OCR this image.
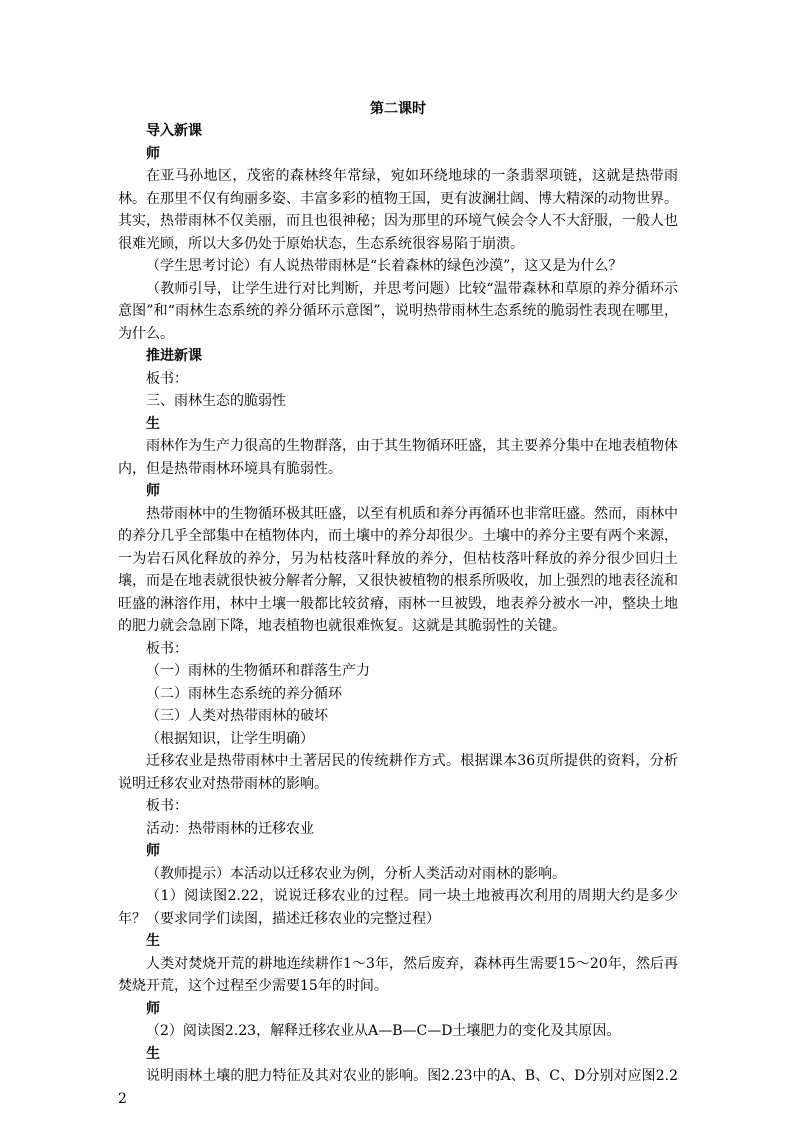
第二课时

导入新课

师

在亚马孙地区，茂密的森林终年常绿，宛如环绕地球的一条翡翠项链，这就是热带雨林。在那里不仅有绚丽多姿、丰富多彩的植物王国，更有波澜壮阔、博大精深的动物世界。其实，热带雨林不仅美丽，而且也很神秘；因为那里的环境气候会令人不大舒服，一般人也很难光顾，所以大多仍处于原始状态，生态系统很容易陷于崩溃。

（学生思考讨论）有人说热带雨林是“长着森林的绿色沙漠”，这又是为什么？

（教师引导，让学生进行对比判断，并思考问题）比较“温带森林和草原的养分循环示意图”和“雨林生态系统的养分循环示意图”，说明热带雨林生态系统的脆弱性表现在哪里，为什么。

推进新课

板书：

三、雨林生态的脆弱性

生

雨林作为生产力很高的生物群落，由于其生物循环旺盛，其主要养分集中在地表植物体内，但是热带雨林环境具有脆弱性。

师

热带雨林中的生物循环极其旺盛，以至有机质和养分再循环也非常旺盛。然而，雨林中的养分几乎全部集中在植物体内，而土壤中的养分却很少。土壤中的养分主要有两个来源，一为岩石风化释放的养分，另为枯枝落叶释放的养分，但枯枝落叶释放的养分很少回归土壤，而是在地表就很快被分解者分解，又很快被植物的根系所吸收，加上强烈的地表径流和旺盛的淋溶作用，林中土壤一般都比较贫瘠，雨林一旦被毁，地表养分被水一冲，整块土地的肥力就会急剧下降，地表植物也就很难恢复。这就是其脆弱性的关键。

板书：

（一）雨林的生物循环和群落生产力

（二）雨林生态系统的养分循环

（三）人类对热带雨林的破坏

（根据知识，让学生明确）

迁移农业是热带雨林中土著居民的传统耕作方式。根据课本36页所提供的资料，分析说明迁移农业对热带雨林的影响。

板书：

活动：热带雨林的迁移农业

师

（教师提示）本活动以迁移农业为例，分析人类活动对雨林的影响。

（1）阅读图2.22，说说迁移农业的过程。同一块土地被再次利用的周期大约是多少年？（要求同学们读图，描述迁移农业的完整过程）

生

人类对焚烧开荒的耕地连续耕作1～3年，然后废弃，森林再生需要15～20年，然后再焚烧开荒，这个过程至少需要15年的时间。

师

（2）阅读图2.23，解释迁移农业从A—B—C—D土壤肥力的变化及其原因。

生

说明雨林土壤的肥力特征及其对农业的影响。图2.23中的A、B、C、D分别对应图2.22
